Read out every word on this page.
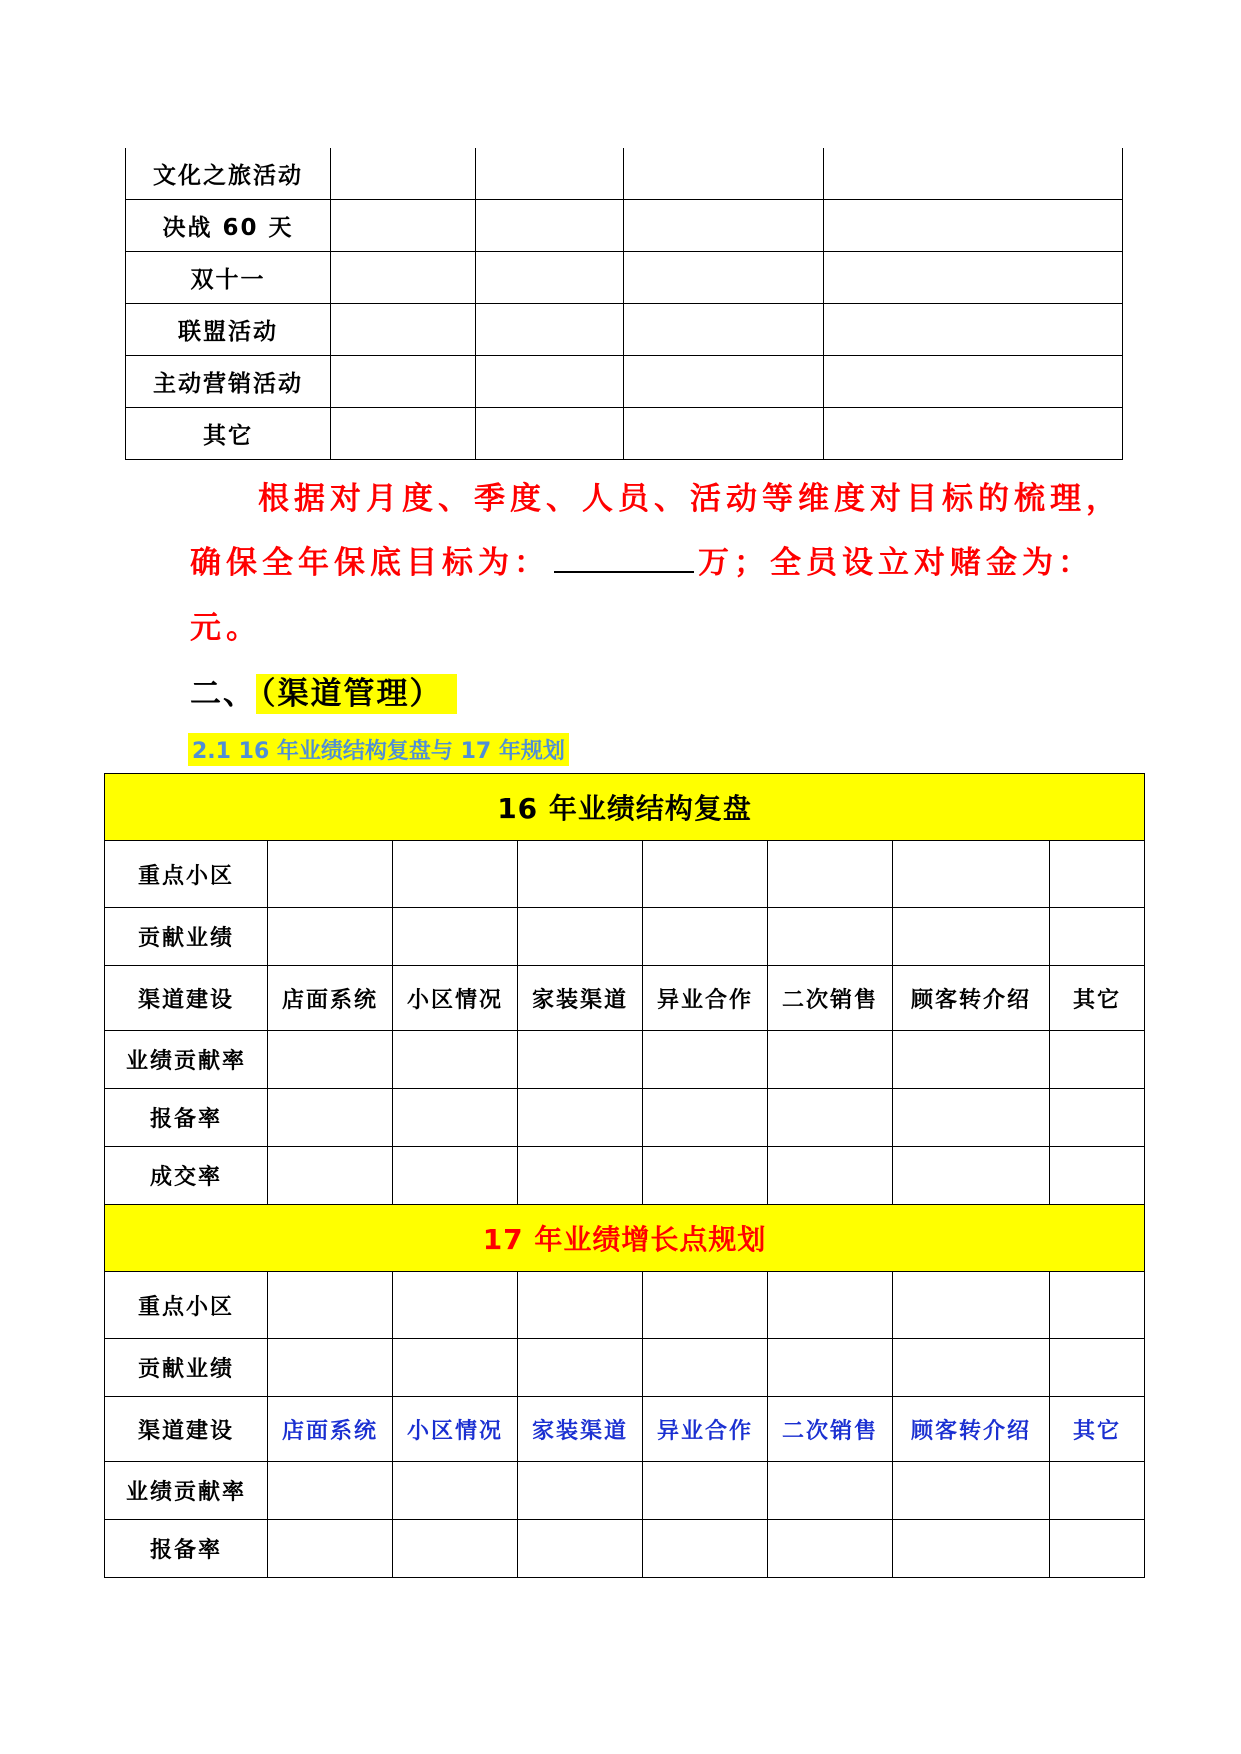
文化之旅活动				
决战 60 天				
双十一				
联盟活动				
主动营销活动				
其它				
根据对月度、季度、人员、活动等维度对目标的梳理，
确保全年保底目标为：	万；全员设立对赌金为：
元。
二、 （渠道管理）
2.1 16 年业绩结构复盘与 17 年规划
16 年业绩结构复盘							
重点小区							
贡献业绩							
渠道建设	店面系统	小区情况	家装渠道	异业合作	二次销售	顾客转介绍	其它
业绩贡献率							
报备率							
成交率							
17 年业绩增长点规划							
重点小区							
贡献业绩							
渠道建设	店面系统	小区情况	家装渠道	异业合作	二次销售	顾客转介绍	其它
业绩贡献率							
报备率							
